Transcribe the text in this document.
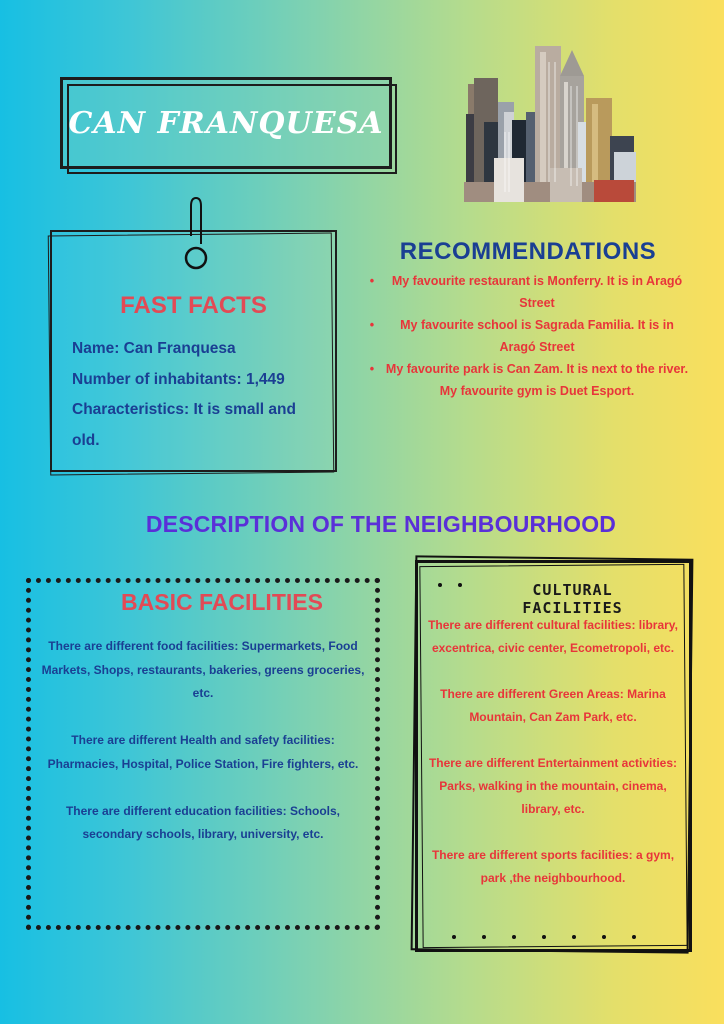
CAN FRANQUESA
FAST FACTS
Name: Can Franquesa
Number of inhabitants: 1,449
Characteristics: It is small and
old.
RECOMMENDATIONS
•	My favourite restaurant is Monferry. It is in Aragó Street
•	My favourite school is Sagrada Familia. It is in Aragó Street
• My favourite park is Can Zam. It is next to the river.
My favourite gym is Duet Esport.
DESCRIPTION OF THE NEIGHBOURHOOD
BASIC FACILITIES

There are different food facilities: Supermarkets, Food Markets, Shops, restaurants, bakeries, greens groceries, etc.

There are different Health and safety facilities: Pharmacies, Hospital, Police Station, Fire fighters, etc.

There are different education facilities: Schools, secondary schools, library, university, etc.

CULTURAL FACILITIES

There are different cultural facilities: library, excentrica, civic center, Ecometropoli, etc.

There are different Green Areas: Marina Mountain, Can Zam Park, etc.

There are different Entertainment activities: Parks, walking in the mountain, cinema, library, etc.

There are different sports facilities: a gym, park ,the neighbourhood.
